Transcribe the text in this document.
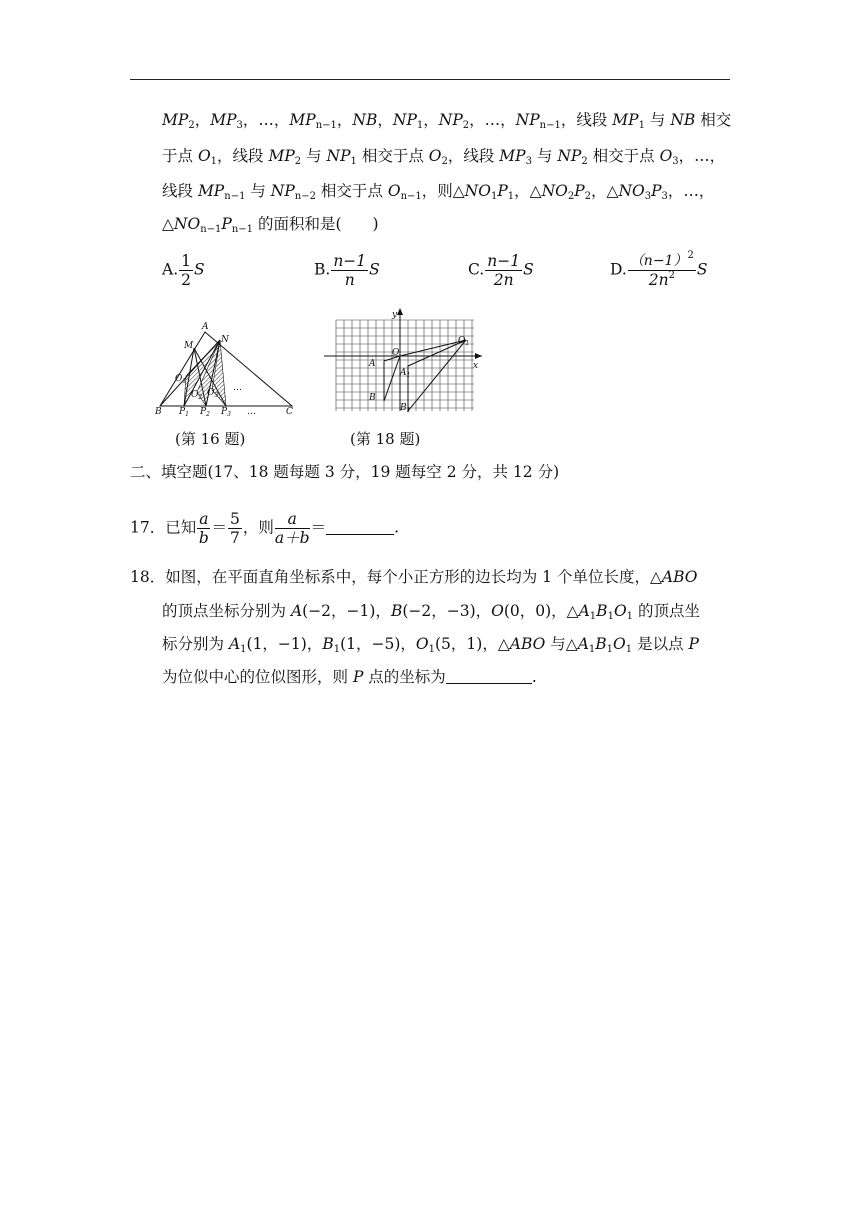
$MP_2$，$MP_3$，…，$MP_{n-1}$，NB，$NP_1$，$NP_2$，…，$NP_{n-1}$，线段 $MP_1$ 与 NB 相交
于点 $O_1$，线段 $MP_2$ 与 $NP_1$ 相交于点 $O_2$，线段 $MP_3$ 与 $NP_2$ 相交于点 $O_3$，…，
线段 $MP_{n-1}$ 与 $NP_{n-2}$ 相交于点 $O_{n-1}$，则$\triangle NO_1P_1$，$\triangle NO_2P_2$，$\triangle NO_3P_3$，…，
$\triangle NO_{n-1}P_{n-1}$ 的面积和是(　　)
A. $\frac{1}{2}$ S	B. $\frac{n-1}{n}$ S	C. $\frac{n-1}{2n}$ S	D. $\frac{(n-1)^2}{2n^2}$ S
A
M
N
$O_1$
$O_2$ $O_3$
…
B $P_1$ $P_2$ $P_3$ …	C
(第 16 题)
y
x
O
A
B
$A_1$
$B_1$
$O_1$
(第 18 题)
二、填空题(17、18 题每题 3 分，19 题每空 2 分，共 12 分)
17．已知 $\frac{a}{b} = \frac{5}{7}$ ，则 $\frac{a}{a+b}$ ＝	.
18．如图，在平面直角坐标系中，每个小正方形的边长均为 1 个单位长度，△ABO
的顶点坐标分别为 A(−2，−1)，B(−2，−3)，O(0，0)，$\triangle A_1B_1O_1$ 的顶点坐
标分别为 $A_1(1$，−1)，$B_1(1$，−5)，$O_1(5$，1)，△ABO 与$\triangle A_1B_1O_1$ 是以点 P
为位似中心的位似图形，则 P 点的坐标为	.
